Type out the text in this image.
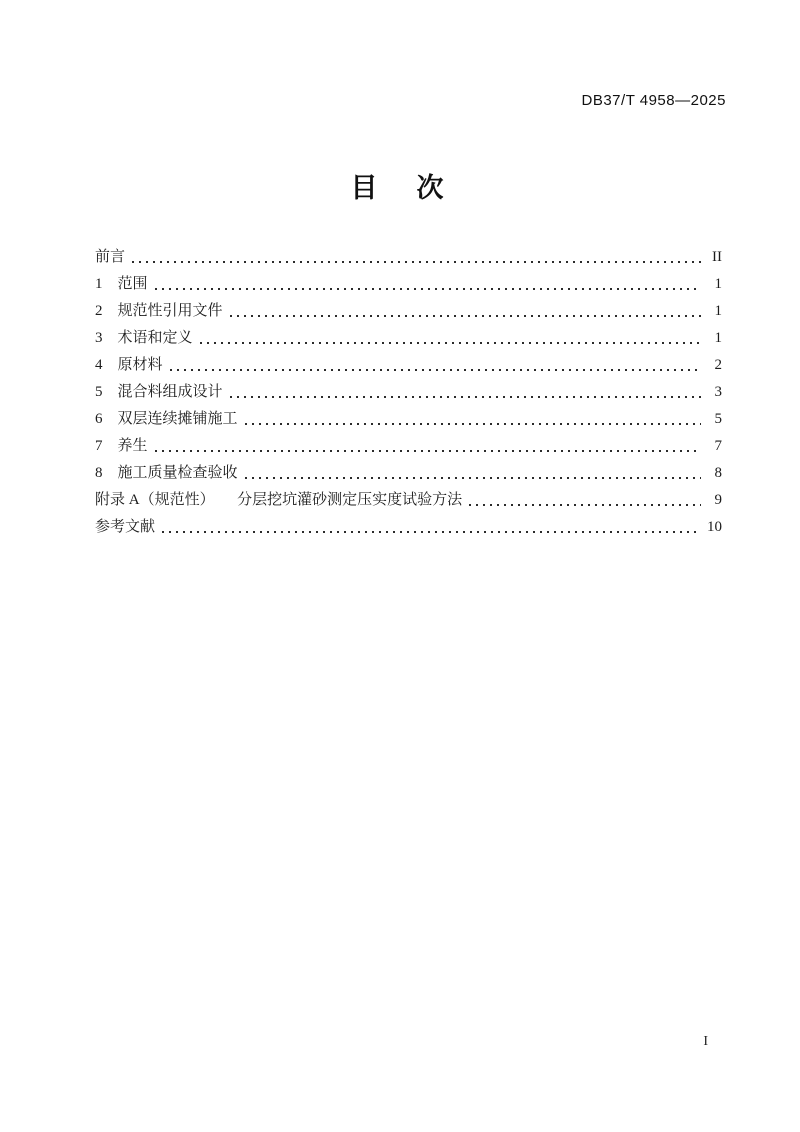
DB37/T 4958—2025
目　次
前言	II
1　范围	1
2　规范性引用文件	1
3　术语和定义	1
4　原材料	2
5　混合料组成设计	3
6　双层连续摊铺施工	5
7　养生	7
8　施工质量检查验收	8
附录 A（规范性）　　分层挖坑灌砂测定压实度试验方法	9
参考文献	10
I
